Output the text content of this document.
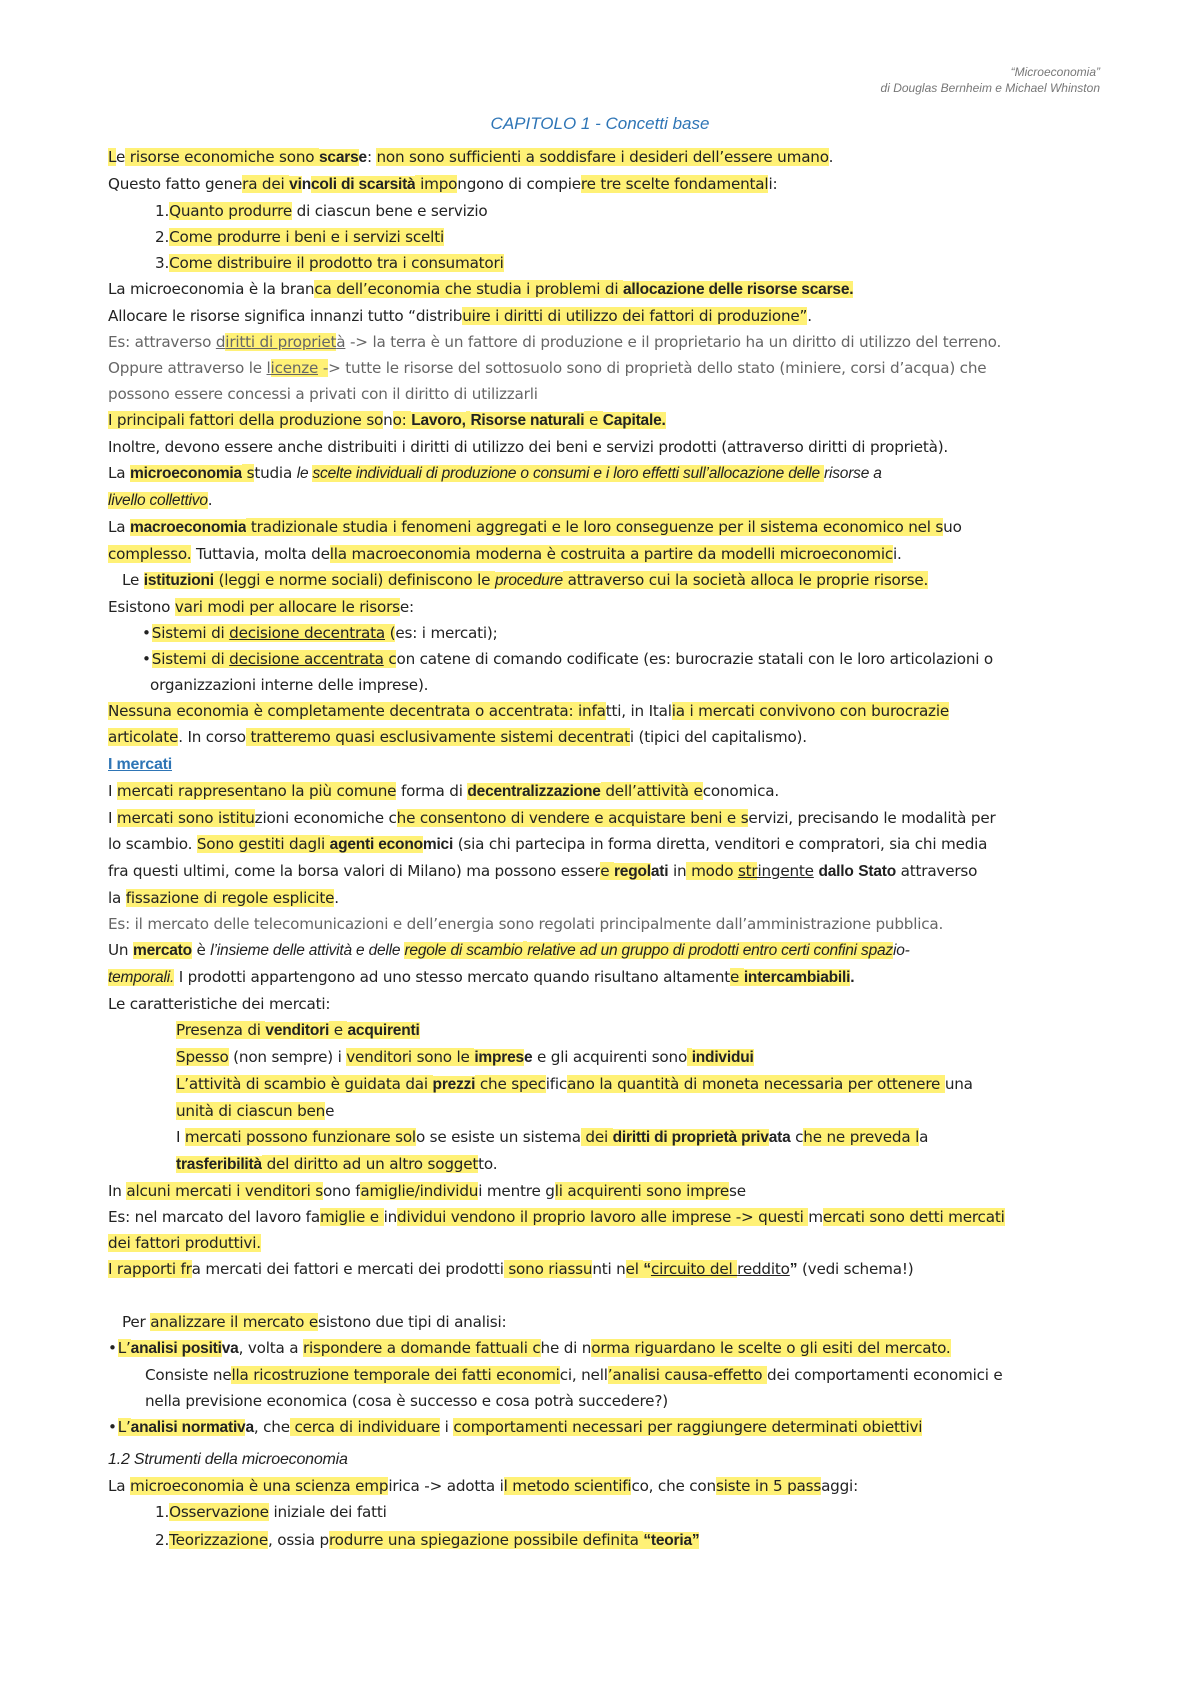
“Microeconomia”
di Douglas Bernheim e Michael Whinston
CAPITOLO 1 - Concetti base
Le risorse economiche sono scarse: non sono sufficienti a soddisfare i desideri dell’essere umano.
Questo fatto genera dei vincoli di scarsità impongono di compiere tre scelte fondamentali:
1.Quanto produrre di ciascun bene e servizio
2.Come produrre i beni e i servizi scelti
3.Come distribuire il prodotto tra i consumatori
La microeconomia è la branca dell’economia che studia i problemi di allocazione delle risorse scarse.
Allocare le risorse significa innanzi tutto “distribuire i diritti di utilizzo dei fattori di produzione”.
Es: attraverso diritti di proprietà -> la terra è un fattore di produzione e il proprietario ha un diritto di utilizzo del terreno.
Oppure attraverso le licenze -> tutte le risorse del sottosuolo sono di proprietà dello stato (miniere, corsi d’acqua) che
possono essere concessi a privati con il diritto di utilizzarli
I principali fattori della produzione sono: Lavoro, Risorse naturali e Capitale.
Inoltre, devono essere anche distribuiti i diritti di utilizzo dei beni e servizi prodotti (attraverso diritti di proprietà).
La microeconomia studia le scelte individuali di produzione o consumi e i loro effetti sull’allocazione delle risorse a
livello collettivo.
La macroeconomia tradizionale studia i fenomeni aggregati e le loro conseguenze per il sistema economico nel suo
complesso. Tuttavia, molta della macroeconomia moderna è costruita a partire da modelli microeconomici.
Le istituzioni (leggi e norme sociali) definiscono le procedure attraverso cui la società alloca le proprie risorse.
Esistono vari modi per allocare le risorse:
• Sistemi di decisione decentrata (es: i mercati);
• Sistemi di decisione accentrata con catene di comando codificate (es: burocrazie statali con le loro articolazioni o
organizzazioni interne delle imprese).
Nessuna economia è completamente decentrata o accentrata: infatti, in Italia i mercati convivono con burocrazie
articolate. In corso tratteremo quasi esclusivamente sistemi decentrati (tipici del capitalismo).
I mercati
I mercati rappresentano la più comune forma di decentralizzazione dell’attività economica.
I mercati sono istituzioni economiche che consentono di vendere e acquistare beni e servizi, precisando le modalità per
lo scambio. Sono gestiti dagli agenti economici (sia chi partecipa in forma diretta, venditori e compratori, sia chi media
fra questi ultimi, come la borsa valori di Milano) ma possono essere regolati in modo stringente dallo Stato attraverso
la fissazione di regole esplicite.
Es: il mercato delle telecomunicazioni e dell’energia sono regolati principalmente dall’amministrazione pubblica.
Un mercato è l’insieme delle attività e delle regole di scambio relative ad un gruppo di prodotti entro certi confini spazio-
temporali. I prodotti appartengono ad uno stesso mercato quando risultano altamente intercambiabili.
Le caratteristiche dei mercati:
Presenza di venditori e acquirenti
Spesso (non sempre) i venditori sono le imprese e gli acquirenti sono individui
L’attività di scambio è guidata dai prezzi che specificano la quantità di moneta necessaria per ottenere una
unità di ciascun bene
I mercati possono funzionare solo se esiste un sistema dei diritti di proprietà privata che ne preveda la
trasferibilità del diritto ad un altro soggetto.
In alcuni mercati i venditori sono famiglie/individui mentre gli acquirenti sono imprese
Es: nel marcato del lavoro famiglie e individui vendono il proprio lavoro alle imprese -> questi mercati sono detti mercati
dei fattori produttivi.
I rapporti fra mercati dei fattori e mercati dei prodotti sono riassunti nel “circuito del reddito” (vedi schema!)
Per analizzare il mercato esistono due tipi di analisi:
• L’analisi positiva, volta a rispondere a domande fattuali che di norma riguardano le scelte o gli esiti del mercato.
Consiste nella ricostruzione temporale dei fatti economici, nell’analisi causa-effetto dei comportamenti economici e
nella previsione economica (cosa è successo e cosa potrà succedere?)
• L’analisi normativa, che cerca di individuare i comportamenti necessari per raggiungere determinati obiettivi
1.2 Strumenti della microeconomia
La microeconomia è una scienza empirica -> adotta il metodo scientifico, che consiste in 5 passaggi:
1.Osservazione iniziale dei fatti
2.Teorizzazione, ossia produrre una spiegazione possibile definita “teoria”
